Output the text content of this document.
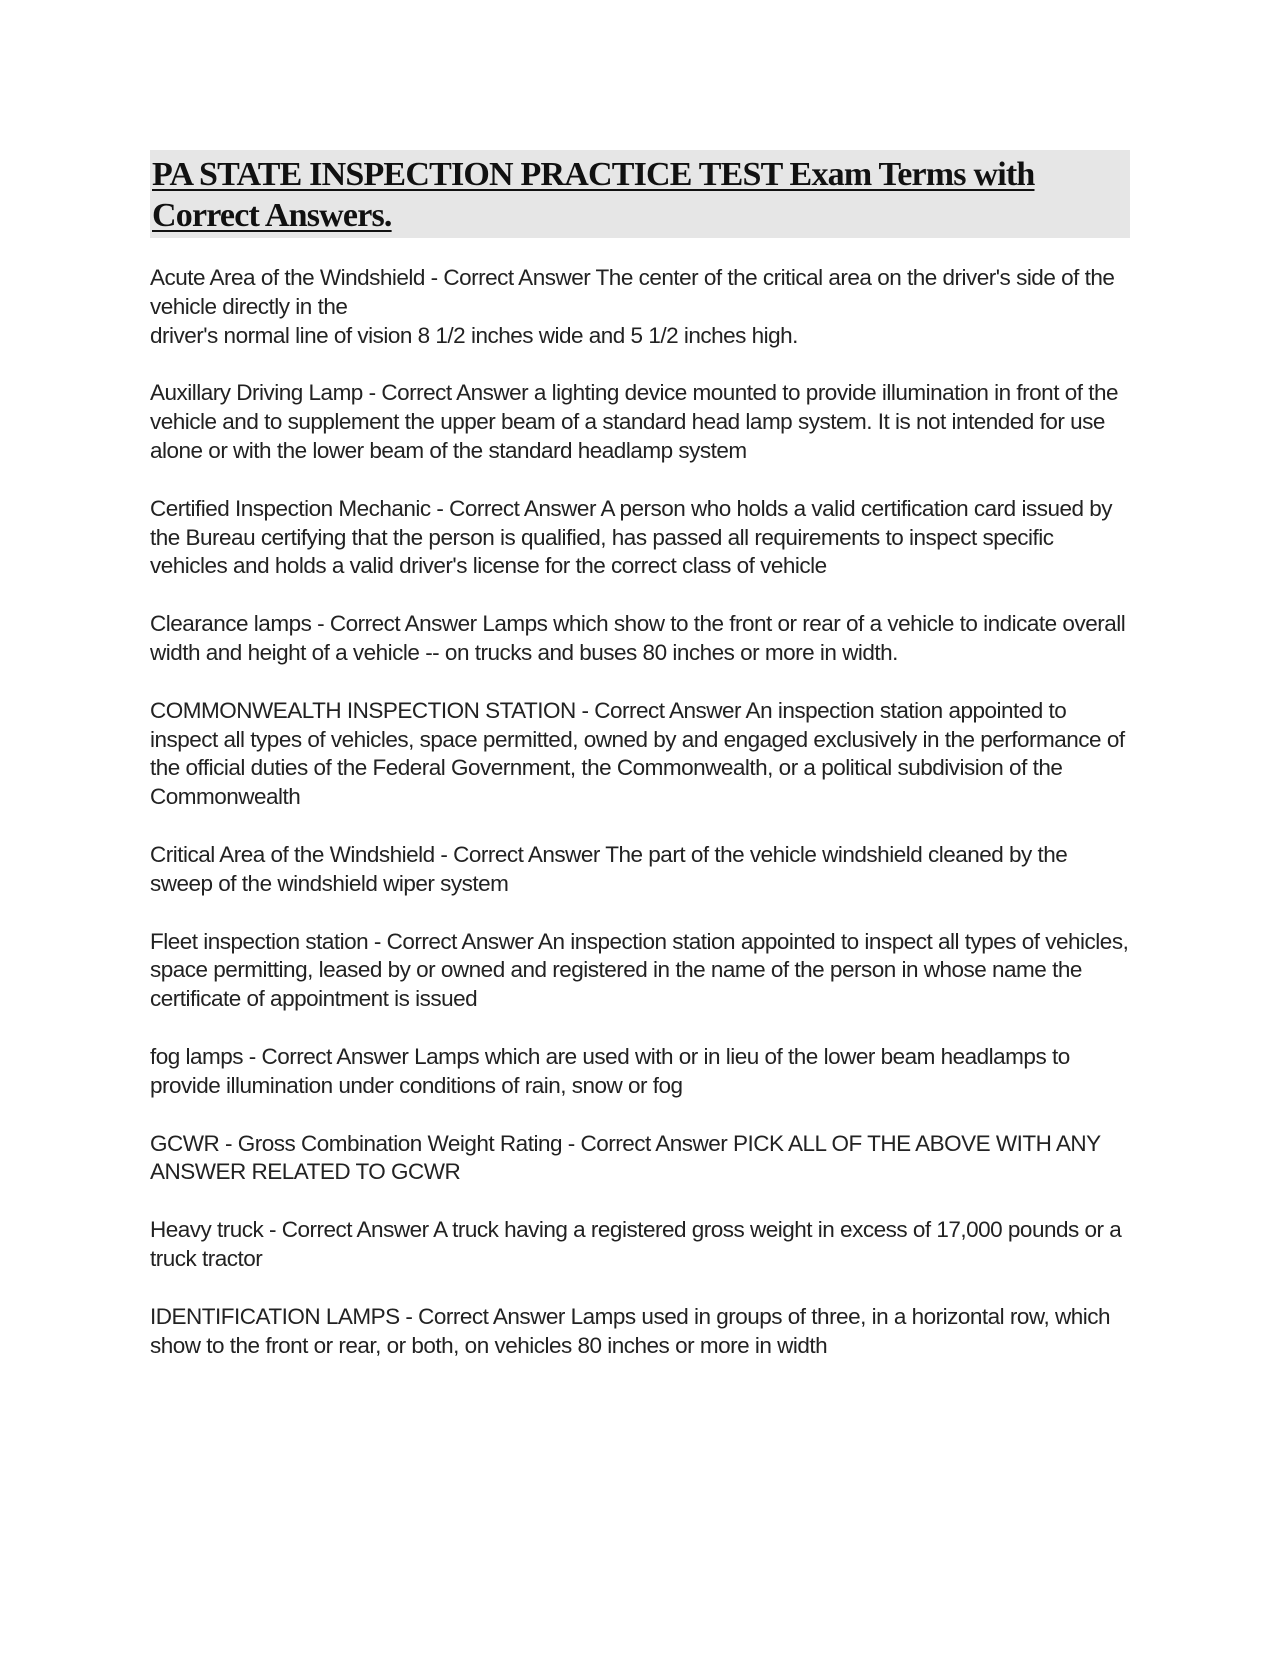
PA STATE INSPECTION PRACTICE TEST Exam Terms with Correct Answers.

Acute Area of the Windshield - Correct Answer The center of the critical area on the driver's side of the vehicle directly in the
driver's normal line of vision 8 1/2 inches wide and 5 1/2 inches high.

Auxillary Driving Lamp - Correct Answer a lighting device mounted to provide illumination in front of the vehicle and to supplement the upper beam of a standard head lamp system. It is not intended for use alone or with the lower beam of the standard headlamp system

Certified Inspection Mechanic - Correct Answer A person who holds a valid certification card issued by the Bureau certifying that the person is qualified, has passed all requirements to inspect specific vehicles and holds a valid driver's license for the correct class of vehicle

Clearance lamps - Correct Answer Lamps which show to the front or rear of a vehicle to indicate overall width and height of a vehicle -- on trucks and buses 80 inches or more in width.

COMMONWEALTH INSPECTION STATION - Correct Answer An inspection station appointed to inspect all types of vehicles, space permitted, owned by and engaged exclusively in the performance of the official duties of the Federal Government, the Commonwealth, or a political subdivision of the Commonwealth

Critical Area of the Windshield - Correct Answer The part of the vehicle windshield cleaned by the sweep of the windshield wiper system

Fleet inspection station - Correct Answer An inspection station appointed to inspect all types of vehicles, space permitting, leased by or owned and registered in the name of the person in whose name the certificate of appointment is issued

fog lamps - Correct Answer Lamps which are used with or in lieu of the lower beam headlamps to provide illumination under conditions of rain, snow or fog

GCWR - Gross Combination Weight Rating - Correct Answer PICK ALL OF THE ABOVE WITH ANY ANSWER RELATED TO GCWR

Heavy truck - Correct Answer A truck having a registered gross weight in excess of 17,000 pounds or a truck tractor

IDENTIFICATION LAMPS - Correct Answer Lamps used in groups of three, in a horizontal row, which show to the front or rear, or both, on vehicles 80 inches or more in width
